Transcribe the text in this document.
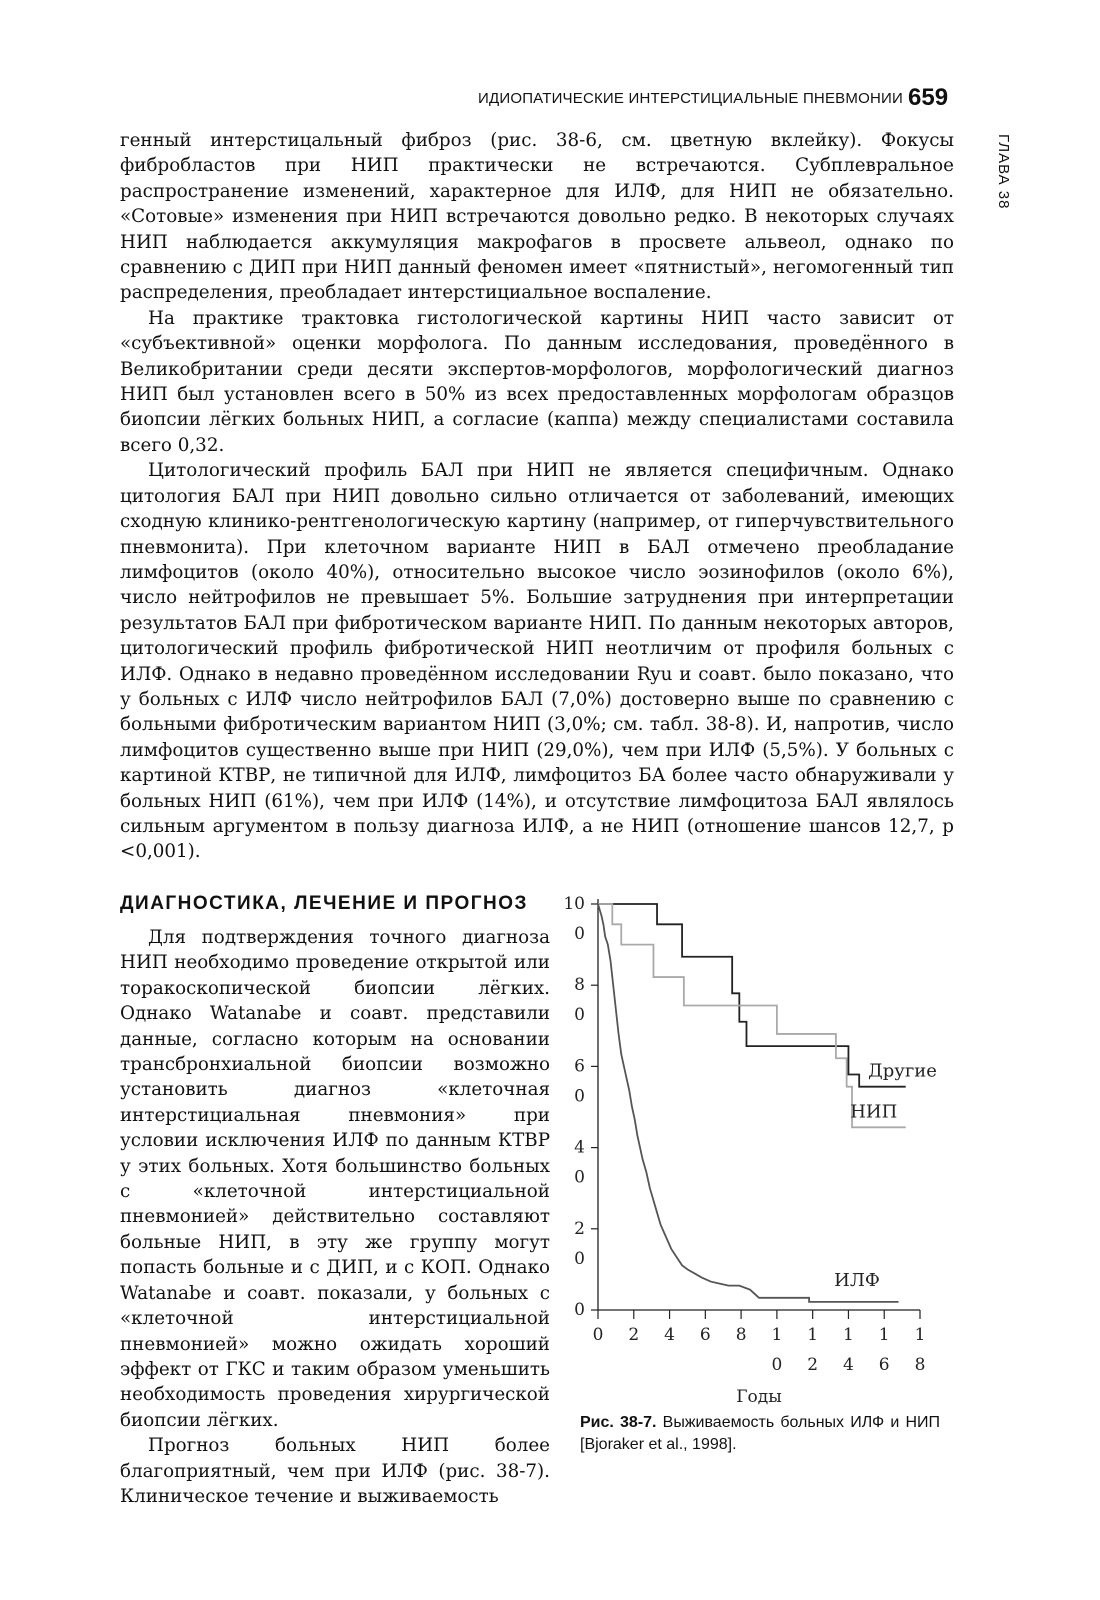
ИДИОПАТИЧЕСКИЕ ИНТЕРСТИЦИАЛЬНЫЕ ПНЕВМОНИИ 659
ГЛАВА 38

генный интерстицальный фиброз (рис. 38-6, см. цветную вклейку). Фокусы фибробластов при НИП практически не встречаются. Субплевральное распространение изменений, характерное для ИЛФ, для НИП не обязательно. «Сотовые» изменения при НИП встречаются довольно редко. В некоторых случаях НИП наблюдается аккумуляция макрофагов в просвете альвеол, однако по сравнению с ДИП при НИП данный феномен имеет «пятнистый», негомогенный тип распределения, преобладает интерстициальное воспаление.

На практике трактовка гистологической картины НИП часто зависит от «субъективной» оценки морфолога. По данным исследования, проведённого в Великобритании среди десяти экспертов-морфологов, морфологический диагноз НИП был установлен всего в 50% из всех предоставленных морфологам образцов биопсии лёгких больных НИП, а согласие (каппа) между специалистами составила всего 0,32.

Цитологический профиль БАЛ при НИП не является специфичным. Однако цитология БАЛ при НИП довольно сильно отличается от заболеваний, имеющих сходную клинико-рентгенологическую картину (например, от гиперчувствительного пневмонита). При клеточном варианте НИП в БАЛ отмечено преобладание лимфоцитов (около 40%), относительно высокое число эозинофилов (около 6%), число нейтрофилов не превышает 5%. Большие затруднения при интерпретации результатов БАЛ при фибротическом варианте НИП. По данным некоторых авторов, цитологический профиль фибротической НИП неотличим от профиля больных с ИЛФ. Однако в недавно проведённом исследовании Ryu и соавт. было показано, что у больных с ИЛФ число нейтрофилов БАЛ (7,0%) достоверно выше по сравнению с больными фибротическим вариантом НИП (3,0%; см. табл. 38-8). И, напротив, число лимфоцитов существенно выше при НИП (29,0%), чем при ИЛФ (5,5%). У больных с картиной КТВР, не типичной для ИЛФ, лимфоцитоз БА более часто обнаруживали у больных НИП (61%), чем при ИЛФ (14%), и отсутствие лимфоцитоза БАЛ являлось сильным аргументом в пользу диагноза ИЛФ, а не НИП (отношение шансов 12,7, p <0,001).

ДИАГНОСТИКА, ЛЕЧЕНИЕ И ПРОГНОЗ

Для подтверждения точного диагноза НИП необходимо проведение открытой или торакоскопической биопсии лёгких. Однако Watanabe и соавт. представили данные, согласно которым на основании трансбронхиальной биопсии возможно установить диагноз «клеточная интерстициальная пневмония» при условии исключения ИЛФ по данным КТВР у этих больных. Хотя большинство больных с «клеточной интерстициальной пневмонией» действительно составляют больные НИП, в эту же группу могут попасть больные и с ДИП, и с КОП. Однако Watanabe и соавт. показали, у больных с «клеточной интерстициальной пневмонией» можно ожидать хороший эффект от ГКС и таким образом уменьшить необходимость проведения хирургической биопсии лёгких.

Прогноз больных НИП более благоприятный, чем при ИЛФ (рис. 38-7). Клиническое течение и выживаемость

0
2
0
4
0
6
0
8
0
10
0
0 2 4 6 8 1
0
1
2
1
4
1
6
1
8
Годы
Другие
НИП
ИЛФ
Рис. 38-7. Выживаемость больных ИЛФ и НИП [Bjoraker et al., 1998].
